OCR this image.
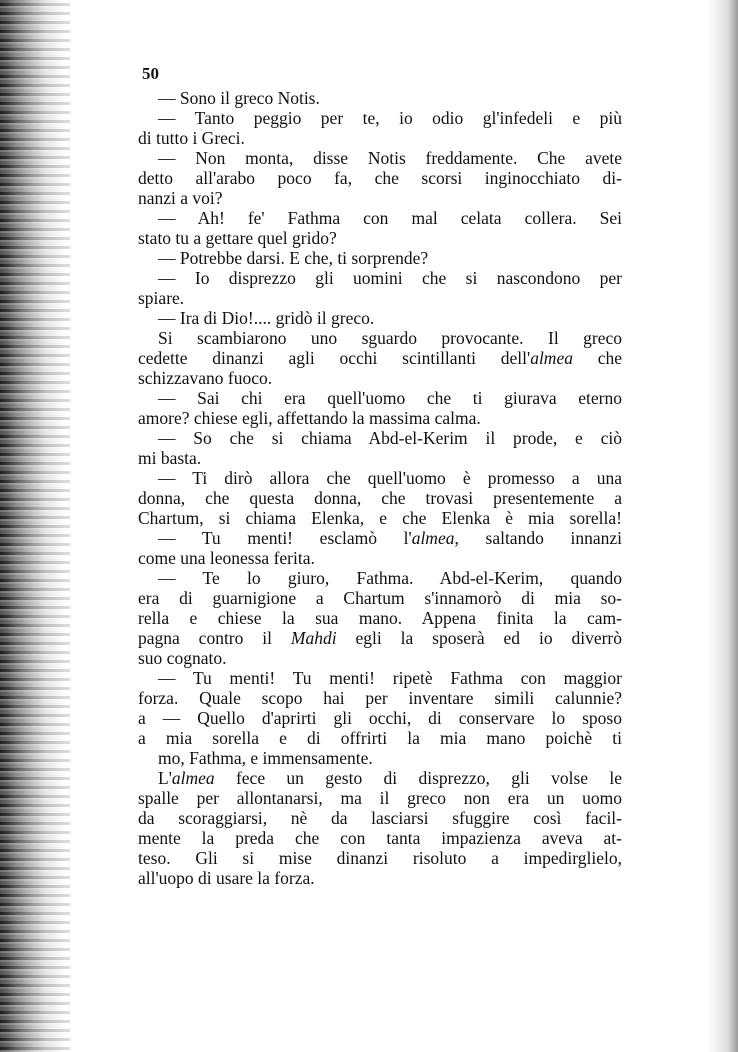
50
— Sono il greco Notis.
— Tanto peggio per te, io odio gl'infedeli e più
di tutto i Greci.
— Non monta, disse Notis freddamente. Che avete
detto all'arabo poco fa, che scorsi inginocchiato di-
nanzi a voi?
— Ah! fe' Fathma con mal celata collera. Sei
stato tu a gettare quel grido?
— Potrebbe darsi. E che, ti sorprende?
— Io disprezzo gli uomini che si nascondono per
spiare.
— Ira di Dio!.... gridò il greco.
Si scambiarono uno sguardo provocante. Il greco
cedette dinanzi agli occhi scintillanti dell'almea che
schizzavano fuoco.
— Sai chi era quell'uomo che ti giurava eterno
amore? chiese egli, affettando la massima calma.
— So che si chiama Abd-el-Kerim il prode, e ciò
mi basta.
— Ti dirò allora che quell'uomo è promesso a una
donna, che questa donna, che trovasi presentemente a
Chartum, si chiama Elenka, e che Elenka è mia sorella!
— Tu menti! esclamò l'almea, saltando innanzi
come una leonessa ferita.
— Te lo giuro, Fathma. Abd-el-Kerim, quando
era di guarnigione a Chartum s'innamorò di mia so-
rella e chiese la sua mano. Appena finita la cam-
pagna contro il Mahdi egli la sposerà ed io diverrò
suo cognato.
— Tu menti! Tu menti! ripetè Fathma con maggior
forza. Quale scopo hai per inventare simili calunnie?
a — Quello d'aprirti gli occhi, di conservare lo sposo
a mia sorella e di offrirti la mia mano poichè ti
mo, Fathma, e immensamente.
L'almea fece un gesto di disprezzo, gli volse le
spalle per allontanarsi, ma il greco non era un uomo
da scoraggiarsi, nè da lasciarsi sfuggire così facil-
mente la preda che con tanta impazienza aveva at-
teso. Gli si mise dinanzi risoluto a impedirglielo,
all'uopo di usare la forza.
